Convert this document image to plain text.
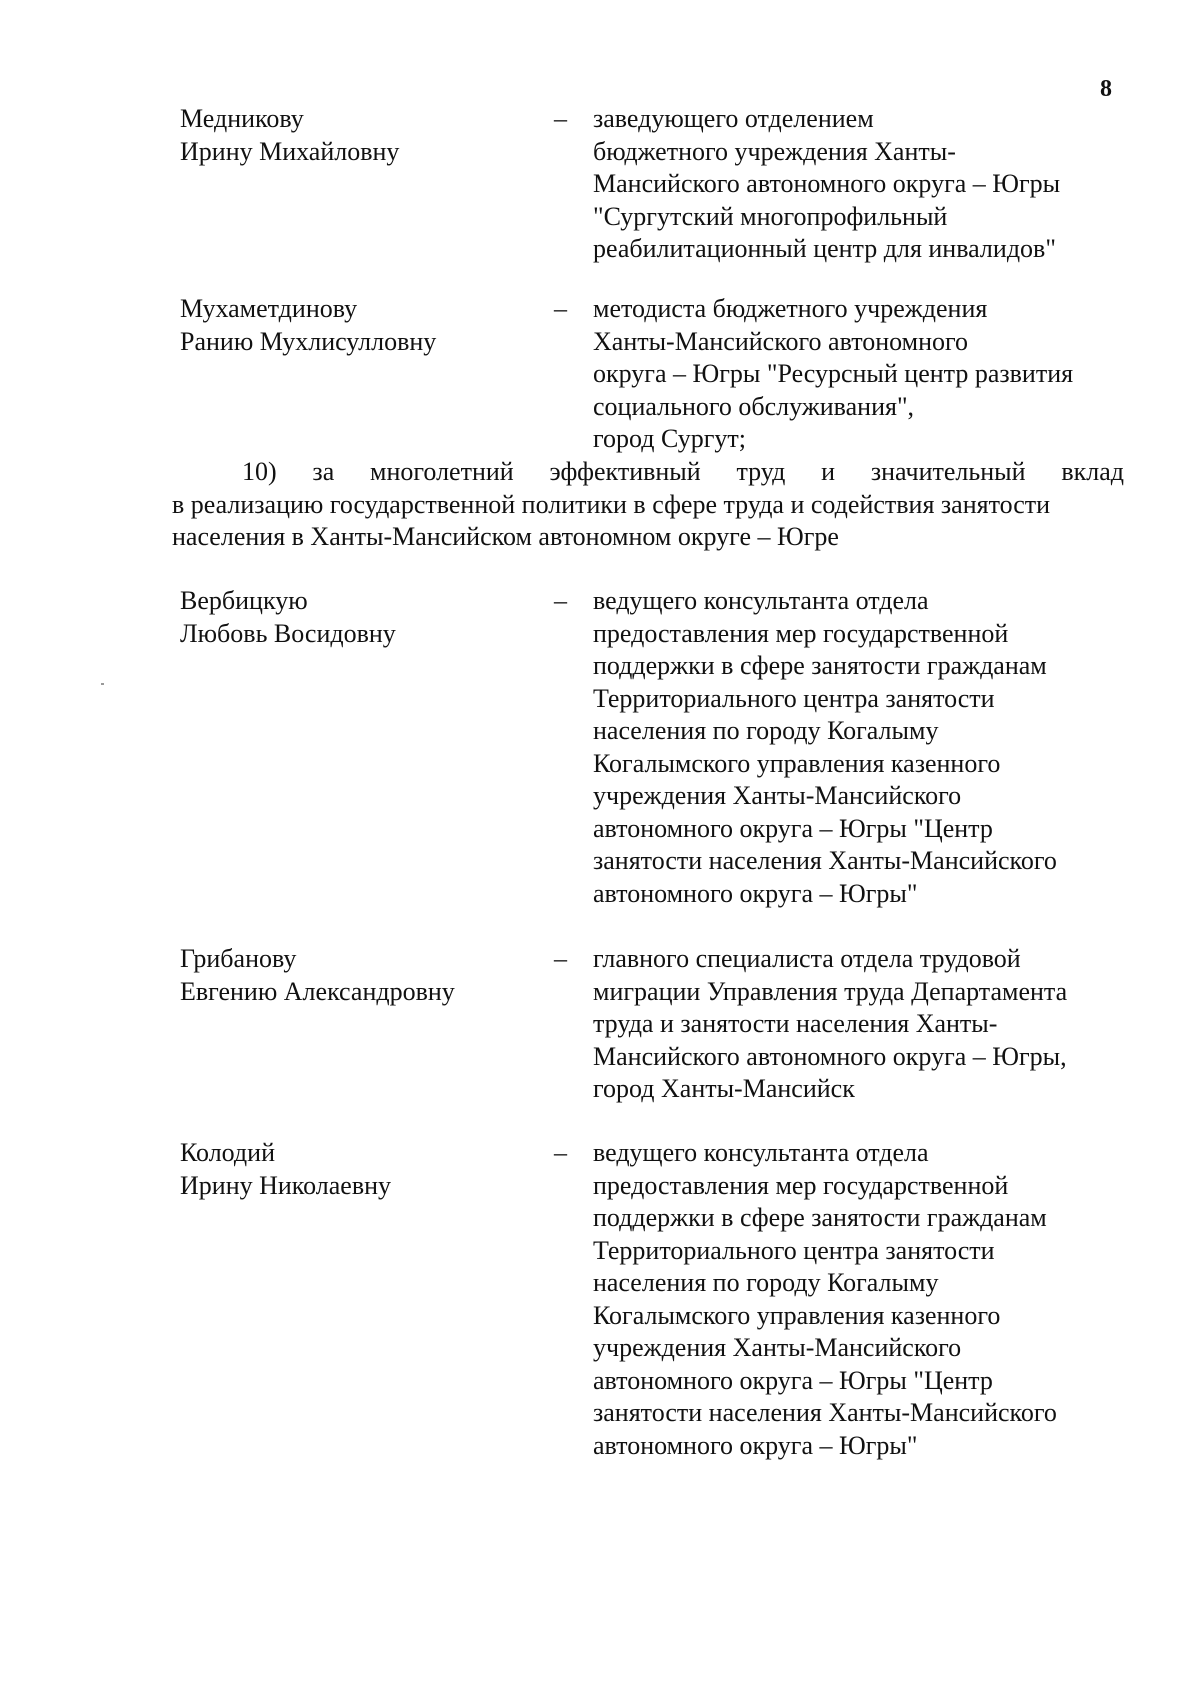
8
Медникову
Ирину Михайловну
– заведующего отделением
бюджетного учреждения Ханты-
Мансийского автономного округа – Югры
"Сургутский многопрофильный
реабилитационный центр для инвалидов"
Мухаметдинову
Ранию Мухлисулловну
– методиста бюджетного учреждения
Ханты-Мансийского автономного
округа – Югры "Ресурсный центр развития
социального обслуживания",
город Сургут;
10) за многолетний эффективный труд и значительный вклад
в реализацию государственной политики в сфере труда и содействия занятости
населения в Ханты-Мансийском автономном округе – Югре
Вербицкую
Любовь Восидовну
– ведущего консультанта отдела
предоставления мер государственной
поддержки в сфере занятости гражданам
Территориального центра занятости
населения по городу Когалыму
Когалымского управления казенного
учреждения Ханты-Мансийского
автономного округа – Югры "Центр
занятости населения Ханты-Мансийского
автономного округа – Югры"
Грибанову
Евгению Александровну
– главного специалиста отдела трудовой
миграции Управления труда Департамента
труда и занятости населения Ханты-
Мансийского автономного округа – Югры,
город Ханты-Мансийск
Колодий
Ирину Николаевну
– ведущего консультанта отдела
предоставления мер государственной
поддержки в сфере занятости гражданам
Территориального центра занятости
населения по городу Когалыму
Когалымского управления казенного
учреждения Ханты-Мансийского
автономного округа – Югры "Центр
занятости населения Ханты-Мансийского
автономного округа – Югры"
